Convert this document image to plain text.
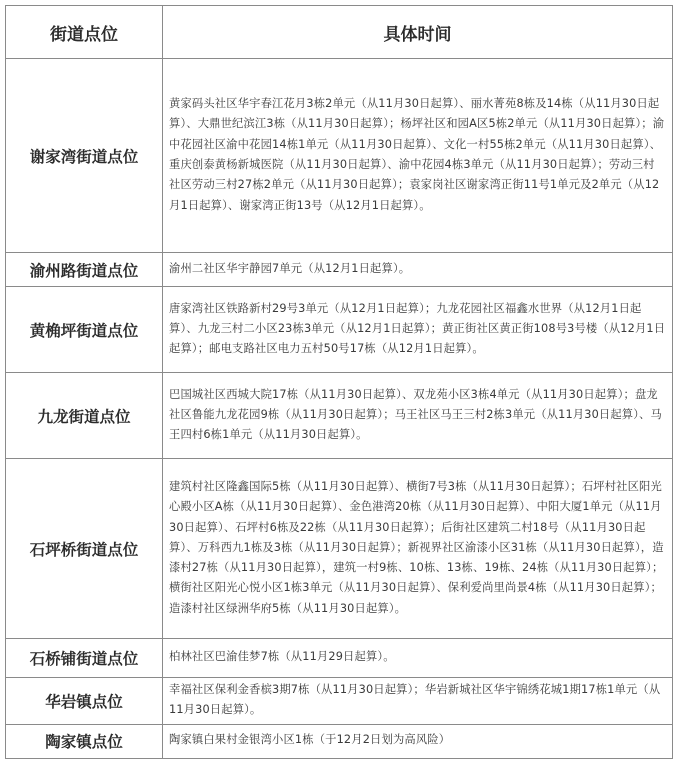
街道点位	具体时间
谢家湾街道点位	黄家码头社区华宇春江花月3栋2单元（从11月30日起算）、丽水菁苑8栋及14栋（从11月30日起算）、大鼎世纪滨江3栋（从11月30日起算）；杨坪社区和园A区5栋2单元（从11月30日起算）；渝中花园社区渝中花园14栋1单元（从11月30日起算）、文化一村55栋2单元（从11月30日起算）、重庆创泰黄杨新城医院（从11月30日起算）、渝中花园4栋3单元（从11月30日起算）；劳动三村社区劳动三村27栋2单元（从11月30日起算）；袁家岗社区谢家湾正街11号1单元及2单元（从12月1日起算）、谢家湾正街13号（从12月1日起算）。
渝州路街道点位	渝州二社区华宇静园7单元（从12月1日起算）。
黄桷坪街道点位	唐家湾社区铁路新村29号3单元（从12月1日起算）；九龙花园社区福鑫水世界（从12月1日起算）、九龙三村二小区23栋3单元（从12月1日起算）；黄正街社区黄正街108号3号楼（从12月1日起算）；邮电支路社区电力五村50号17栋（从12月1日起算）。
九龙街道点位	巴国城社区西城大院17栋（从11月30日起算）、双龙苑小区3栋4单元（从11月30日起算）；盘龙社区鲁能九龙花园9栋（从11月30日起算）；马王社区马王三村2栋3单元（从11月30日起算）、马王四村6栋1单元（从11月30日起算）。
石坪桥街道点位	建筑村社区隆鑫国际5栋（从11月30日起算）、横街7号3栋（从11月30日起算）；石坪村社区阳光心殿小区A栋（从11月30日起算）、金色港湾20栋（从11月30日起算）、中阳大厦1单元（从11月30日起算）、石坪村6栋及22栋（从11月30日起算）；后街社区建筑二村18号（从11月30日起算）、万科西九1栋及3栋（从11月30日起算）；新视界社区渝漆小区31栋（从11月30日起算），造漆村27栋（从11月30日起算），建筑一村9栋、10栋、13栋、19栋、24栋（从11月30日起算）；横街社区阳光心悦小区1栋3单元（从11月30日起算）、保利爱尚里尚景4栋（从11月30日起算）；造漆村社区绿洲华府5栋（从11月30日起算）。
石桥铺街道点位	柏林社区巴渝佳梦7栋（从11月29日起算）。
华岩镇点位	幸福社区保利金香槟3期7栋（从11月30日起算）；华岩新城社区华宇锦绣花城1期17栋1单元（从11月30日起算）。
陶家镇点位	陶家镇白果村金银湾小区1栋（于12月2日划为高风险）
